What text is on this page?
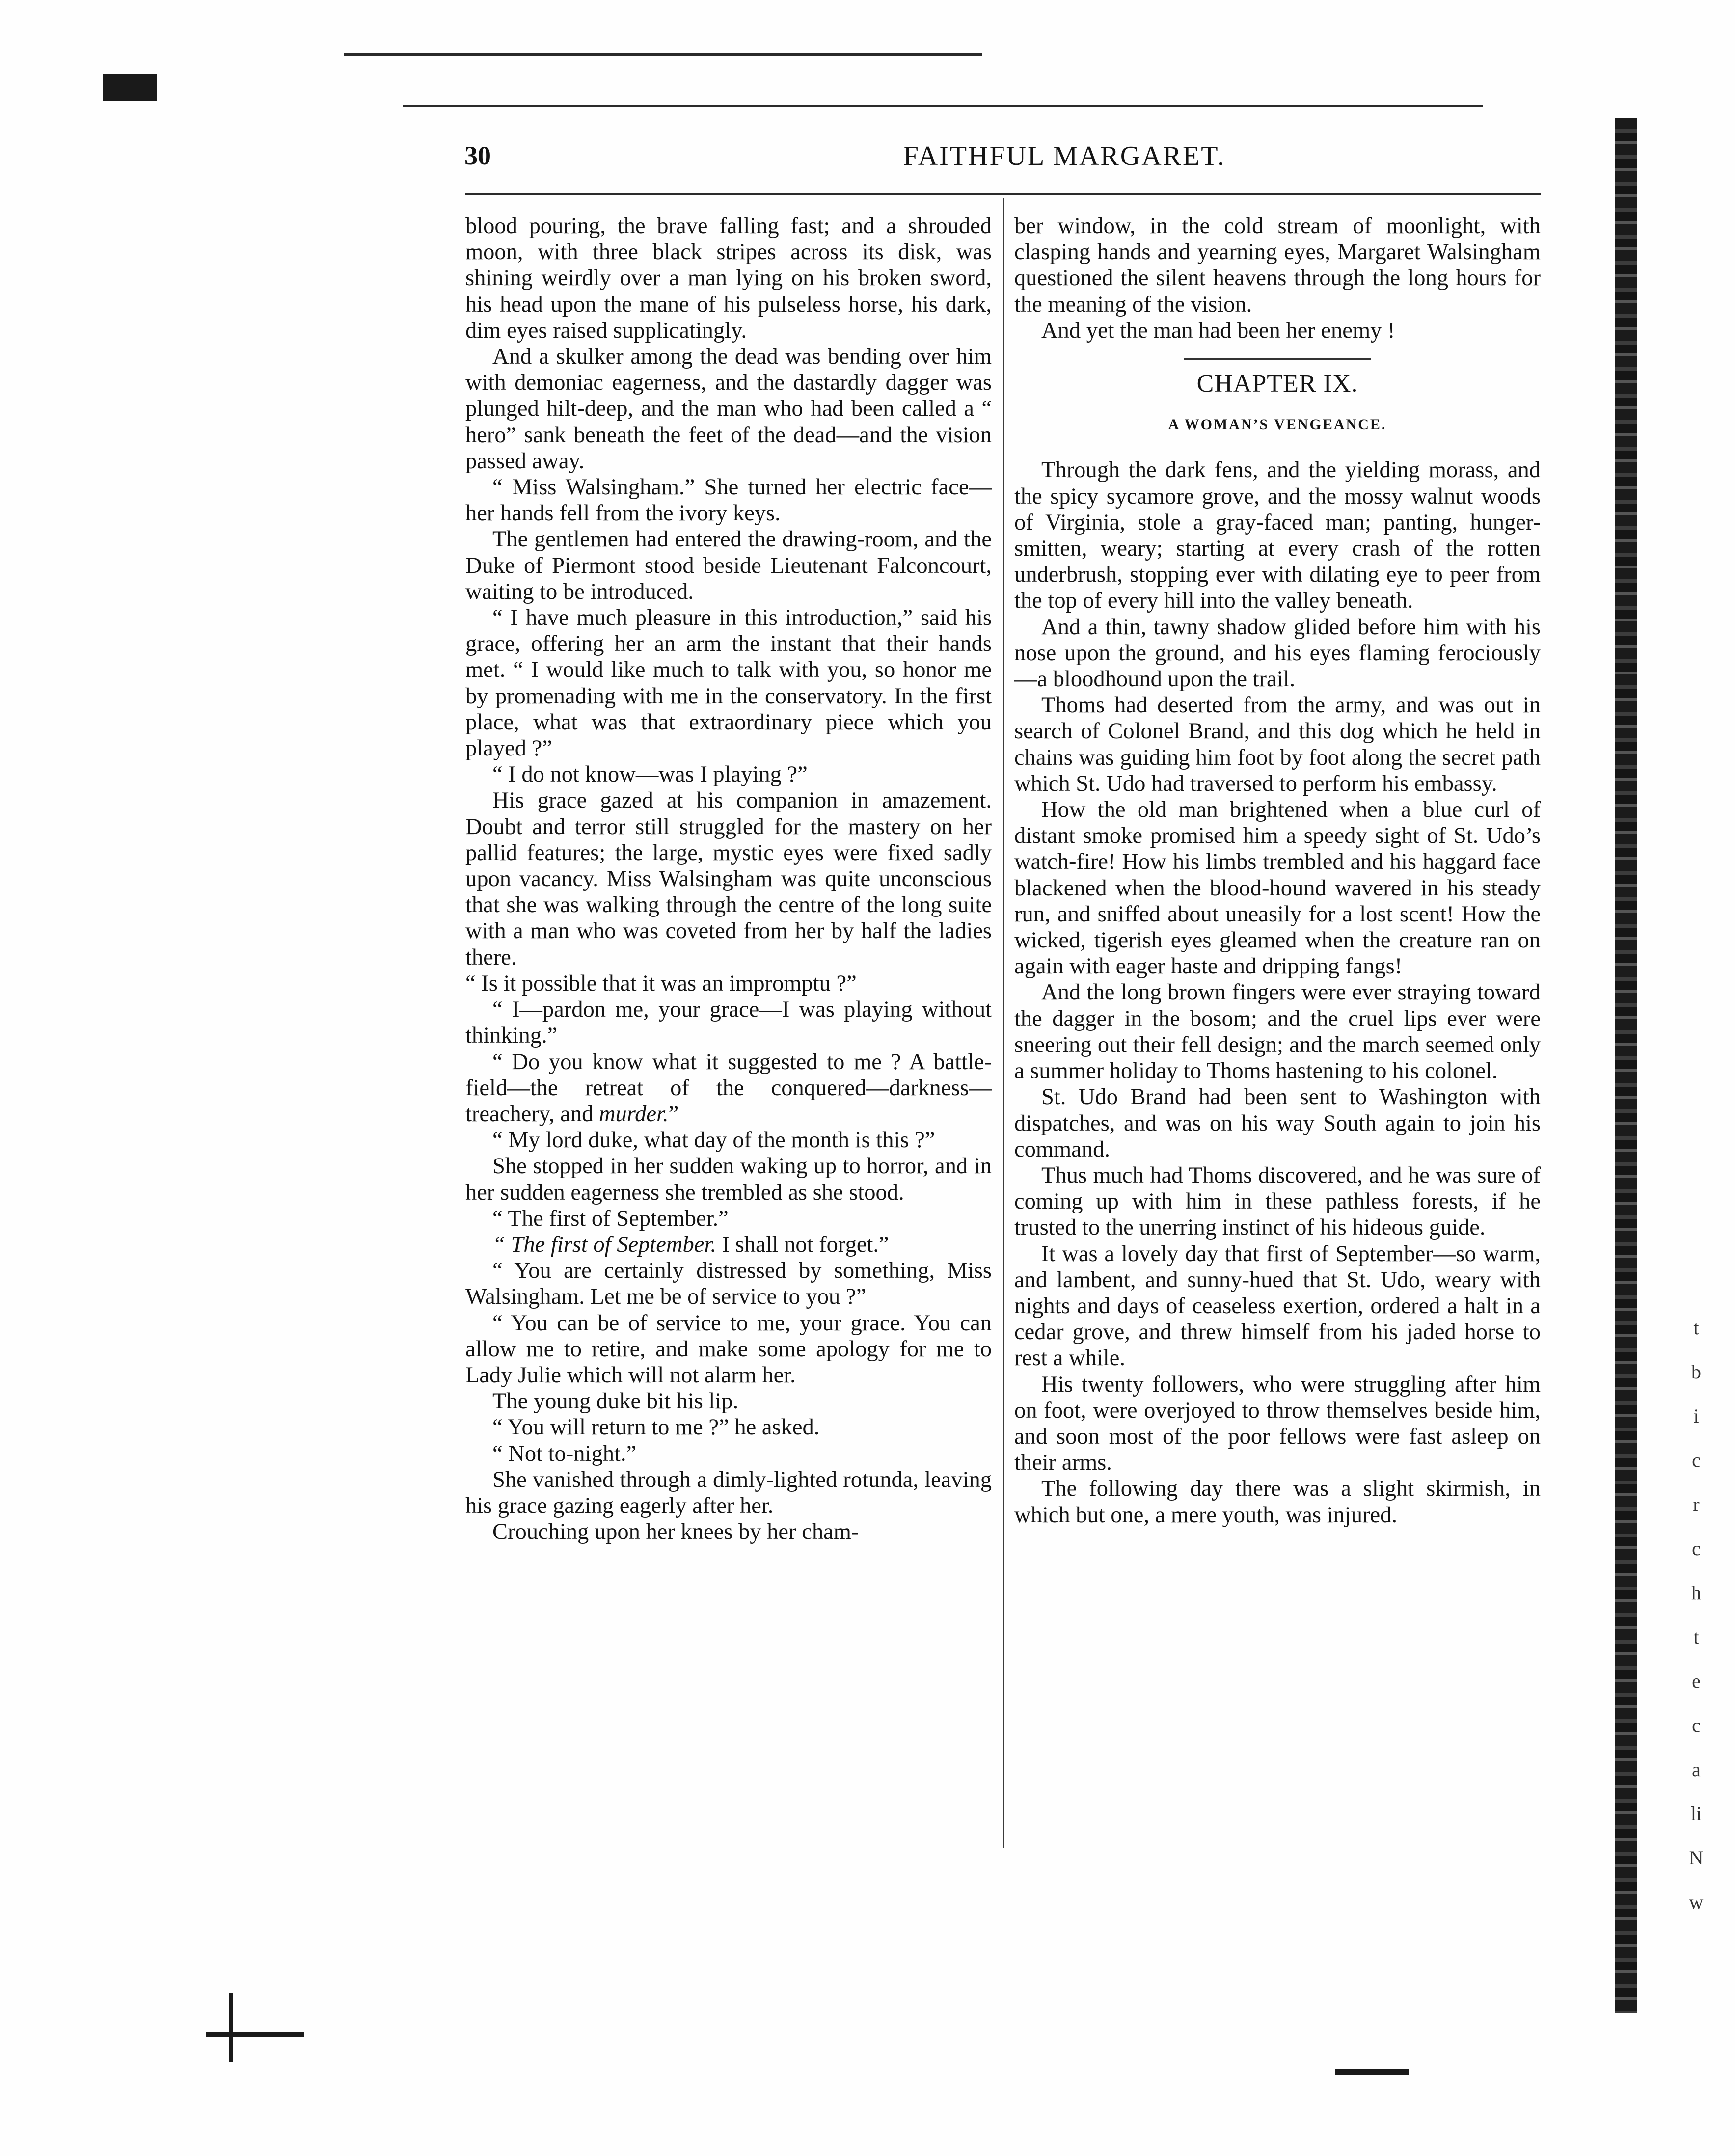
30	FAITHFUL MARGARET.

blood pouring, the brave falling fast; and a shrouded moon, with three black stripes across its disk, was shining weirdly over a man lying on his broken sword, his head upon the mane of his pulseless horse, his dark, dim eyes raised supplicatingly.

And a skulker among the dead was bending over him with demoniac eagerness, and the dastardly dagger was plunged hilt-deep, and the man who had been called a “ hero” sank beneath the feet of the dead—and the vision passed away.

“ Miss Walsingham.” She turned her electric face—her hands fell from the ivory keys.

The gentlemen had entered the drawing-room, and the Duke of Piermont stood beside Lieutenant Falconcourt, waiting to be introduced.

“ I have much pleasure in this introduction,” said his grace, offering her an arm the instant that their hands met. “ I would like much to talk with you, so honor me by promenading with me in the conservatory. In the first place, what was that extraordinary piece which you played ?”

“ I do not know—was I playing ?”

His grace gazed at his companion in amazement. Doubt and terror still struggled for the mastery on her pallid features; the large, mystic eyes were fixed sadly upon vacancy. Miss Walsingham was quite unconscious that she was walking through the centre of the long suite with a man who was coveted from her by half the ladies there.

“ Is it possible that it was an impromptu ?”

“ I—pardon me, your grace—I was playing without thinking.”

“ Do you know what it suggested to me ? A battle-field—the retreat of the conquered—darkness—treachery, and murder.”

“ My lord duke, what day of the month is this ?”

She stopped in her sudden waking up to horror, and in her sudden eagerness she trembled as she stood.

“ The first of September.”

“ The first of September. I shall not forget.”

“ You are certainly distressed by something, Miss Walsingham. Let me be of service to you ?”

“ You can be of service to me, your grace. You can allow me to retire, and make some apology for me to Lady Julie which will not alarm her.

The young duke bit his lip.

“ You will return to me ?” he asked.

“ Not to-night.”

She vanished through a dimly-lighted rotunda, leaving his grace gazing eagerly after her.

Crouching upon her knees by her cham-

ber window, in the cold stream of moonlight, with clasping hands and yearning eyes, Margaret Walsingham questioned the silent heavens through the long hours for the meaning of the vision.

And yet the man had been her enemy !

CHAPTER IX.
A WOMAN’S VENGEANCE.

Through the dark fens, and the yielding morass, and the spicy sycamore grove, and the mossy walnut woods of Virginia, stole a gray-faced man; panting, hunger-smitten, weary; starting at every crash of the rotten underbrush, stopping ever with dilating eye to peer from the top of every hill into the valley beneath.

And a thin, tawny shadow glided before him with his nose upon the ground, and his eyes flaming ferociously—a bloodhound upon the trail.

Thoms had deserted from the army, and was out in search of Colonel Brand, and this dog which he held in chains was guiding him foot by foot along the secret path which St. Udo had traversed to perform his embassy.

How the old man brightened when a blue curl of distant smoke promised him a speedy sight of St. Udo’s watch-fire! How his limbs trembled and his haggard face blackened when the blood-hound wavered in his steady run, and sniffed about uneasily for a lost scent! How the wicked, tigerish eyes gleamed when the creature ran on again with eager haste and dripping fangs!

And the long brown fingers were ever straying toward the dagger in the bosom; and the cruel lips ever were sneering out their fell design; and the march seemed only a summer holiday to Thoms hastening to his colonel.

St. Udo Brand had been sent to Washington with dispatches, and was on his way South again to join his command.

Thus much had Thoms discovered, and he was sure of coming up with him in these pathless forests, if he trusted to the unerring instinct of his hideous guide.

It was a lovely day that first of September—so warm, and lambent, and sunny-hued that St. Udo, weary with nights and days of ceaseless exertion, ordered a halt in a cedar grove, and threw himself from his jaded horse to rest a while.

His twenty followers, who were struggling after him on foot, were overjoyed to throw themselves beside him, and soon most of the poor fellows were fast asleep on their arms.

The following day there was a slight skirmish, in which but one, a mere youth, was injured.

t
b
i
c
r
c
h
t
e
c
a
li
N
w
